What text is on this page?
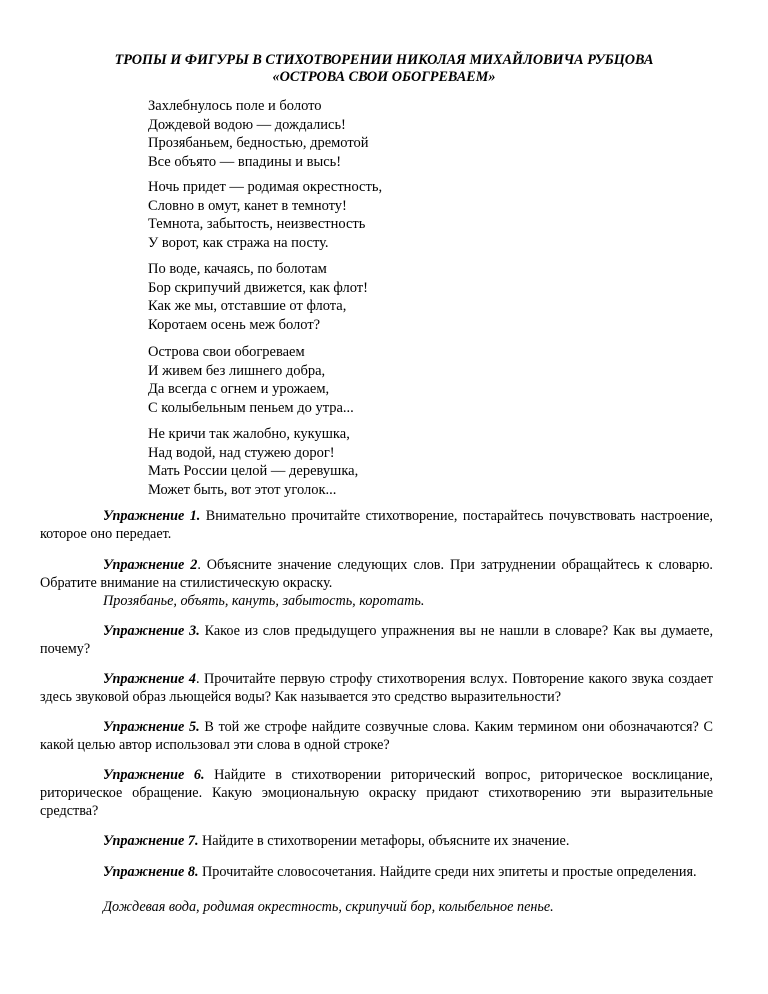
ТРОПЫ И ФИГУРЫ В СТИХОТВОРЕНИИ НИКОЛАЯ МИХАЙЛОВИЧА РУБЦОВА
«ОСТРОВА СВОИ ОБОГРЕВАЕМ»
Захлебнулось поле и болото
Дождевой водою — дождались!
Прозябаньем, бедностью, дремотой
Все объято — впадины и высь!
Ночь придет — родимая окрестность,
Словно в омут, канет в темноту!
Темнота, забытость, неизвестность
У ворот, как стража на посту.
По воде, качаясь, по болотам
Бор скрипучий движется, как флот!
Как же мы, отставшие от флота,
Коротаем осень меж болот?
Острова свои обогреваем
И живем без лишнего добра,
Да всегда с огнем и урожаем,
С колыбельным пеньем до утра...
Не кричи так жалобно, кукушка,
Над водой, над стужею дорог!
Мать России целой — деревушка,
Может быть, вот этот уголок...
Упражнение 1. Внимательно прочитайте стихотворение, постарайтесь почувствовать настроение, которое оно передает.
Упражнение 2. Объясните значение следующих слов. При затруднении обращайтесь к словарю. Обратите внимание на стилистическую окраску.
Прозябанье, объять, кануть, забытость, коротать.
Упражнение 3. Какое из слов предыдущего упражнения вы не нашли в словаре? Как вы думаете, почему?
Упражнение 4. Прочитайте первую строфу стихотворения вслух. Повторение какого звука создает здесь звуковой образ льющейся воды? Как называется это средство выразительности?
Упражнение 5. В той же строфе найдите созвучные слова. Каким термином они обозначаются? С какой целью автор использовал эти слова в одной строке?
Упражнение 6. Найдите в стихотворении риторический вопрос, риторическое восклицание, риторическое обращение. Какую эмоциональную окраску придают стихотворению эти выразительные средства?
Упражнение 7. Найдите в стихотворении метафоры, объясните их значение.
Упражнение 8. Прочитайте словосочетания. Найдите среди них эпитеты и простые определения.
Дождевая вода, родимая окрестность, скрипучий бор, колыбельное пенье.
